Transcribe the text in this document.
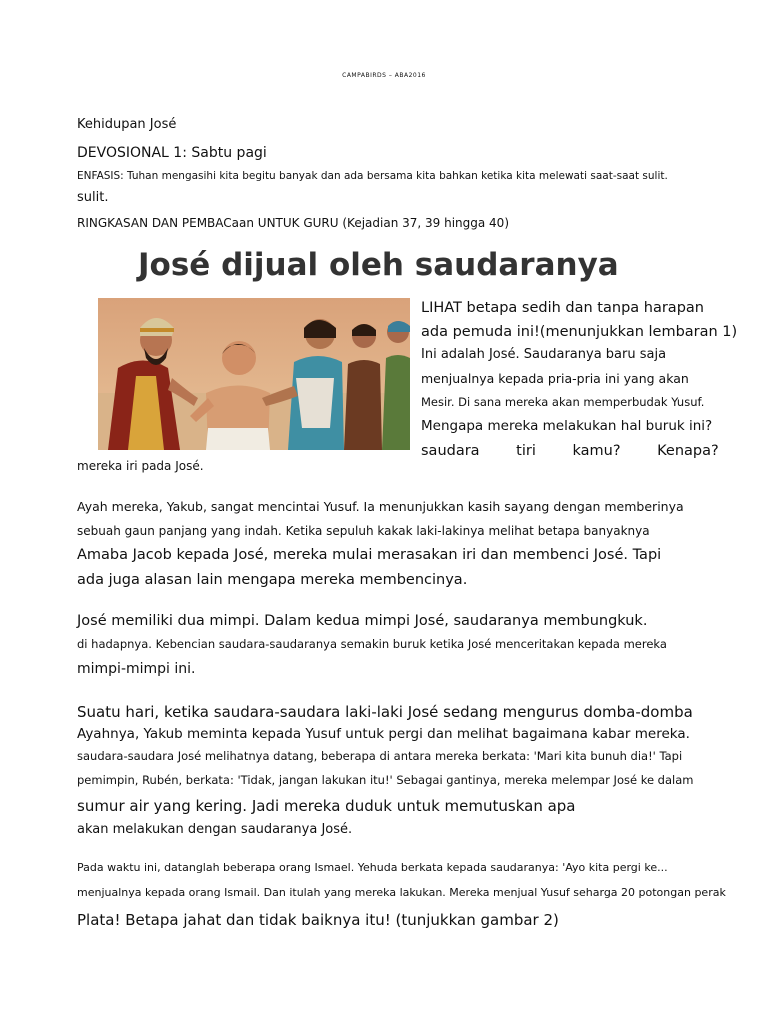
CAMPABIRDS – ABA2016

Kehidupan José

DEVOSIONAL 1: Sabtu pagi

ENFASIS: Tuhan mengasihi kita begitu banyak dan ada bersama kita bahkan ketika kita melewati saat-saat sulit.

sulit.

RINGKASAN DAN PEMBACaan UNTUK GURU (Kejadian 37, 39 hingga 40)

José dijual oleh saudaranya

LIHAT betapa sedih dan tanpa harapan

ada pemuda ini!(menunjukkan lembaran 1)

Ini adalah José. Saudaranya baru saja

menjualnya kepada pria-pria ini yang akan

Mesir. Di sana mereka akan memperbudak Yusuf.

Mengapa mereka melakukan hal buruk ini?

saudara tiri kamu? Kenapa?

mereka iri pada José.

Ayah mereka, Yakub, sangat mencintai Yusuf. Ia menunjukkan kasih sayang dengan memberinya

sebuah gaun panjang yang indah. Ketika sepuluh kakak laki-lakinya melihat betapa banyaknya

Amaba Jacob kepada José, mereka mulai merasakan iri dan membenci José. Tapi

ada juga alasan lain mengapa mereka membencinya.

José memiliki dua mimpi. Dalam kedua mimpi José, saudaranya membungkuk.

di hadapnya. Kebencian saudara-saudaranya semakin buruk ketika José menceritakan kepada mereka

mimpi-mimpi ini.

Suatu hari, ketika saudara-saudara laki-laki José sedang mengurus domba-domba

Ayahnya, Yakub meminta kepada Yusuf untuk pergi dan melihat bagaimana kabar mereka.

saudara-saudara José melihatnya datang, beberapa di antara mereka berkata: 'Mari kita bunuh dia!' Tapi

pemimpin, Rubén, berkata: 'Tidak, jangan lakukan itu!' Sebagai gantinya, mereka melempar José ke dalam

sumur air yang kering. Jadi mereka duduk untuk memutuskan apa

akan melakukan dengan saudaranya José.

Pada waktu ini, datanglah beberapa orang Ismael. Yehuda berkata kepada saudaranya: 'Ayo kita pergi ke...

menjualnya kepada orang Ismail. Dan itulah yang mereka lakukan. Mereka menjual Yusuf seharga 20 potongan perak

Plata! Betapa jahat dan tidak baiknya itu! (tunjukkan gambar 2)
